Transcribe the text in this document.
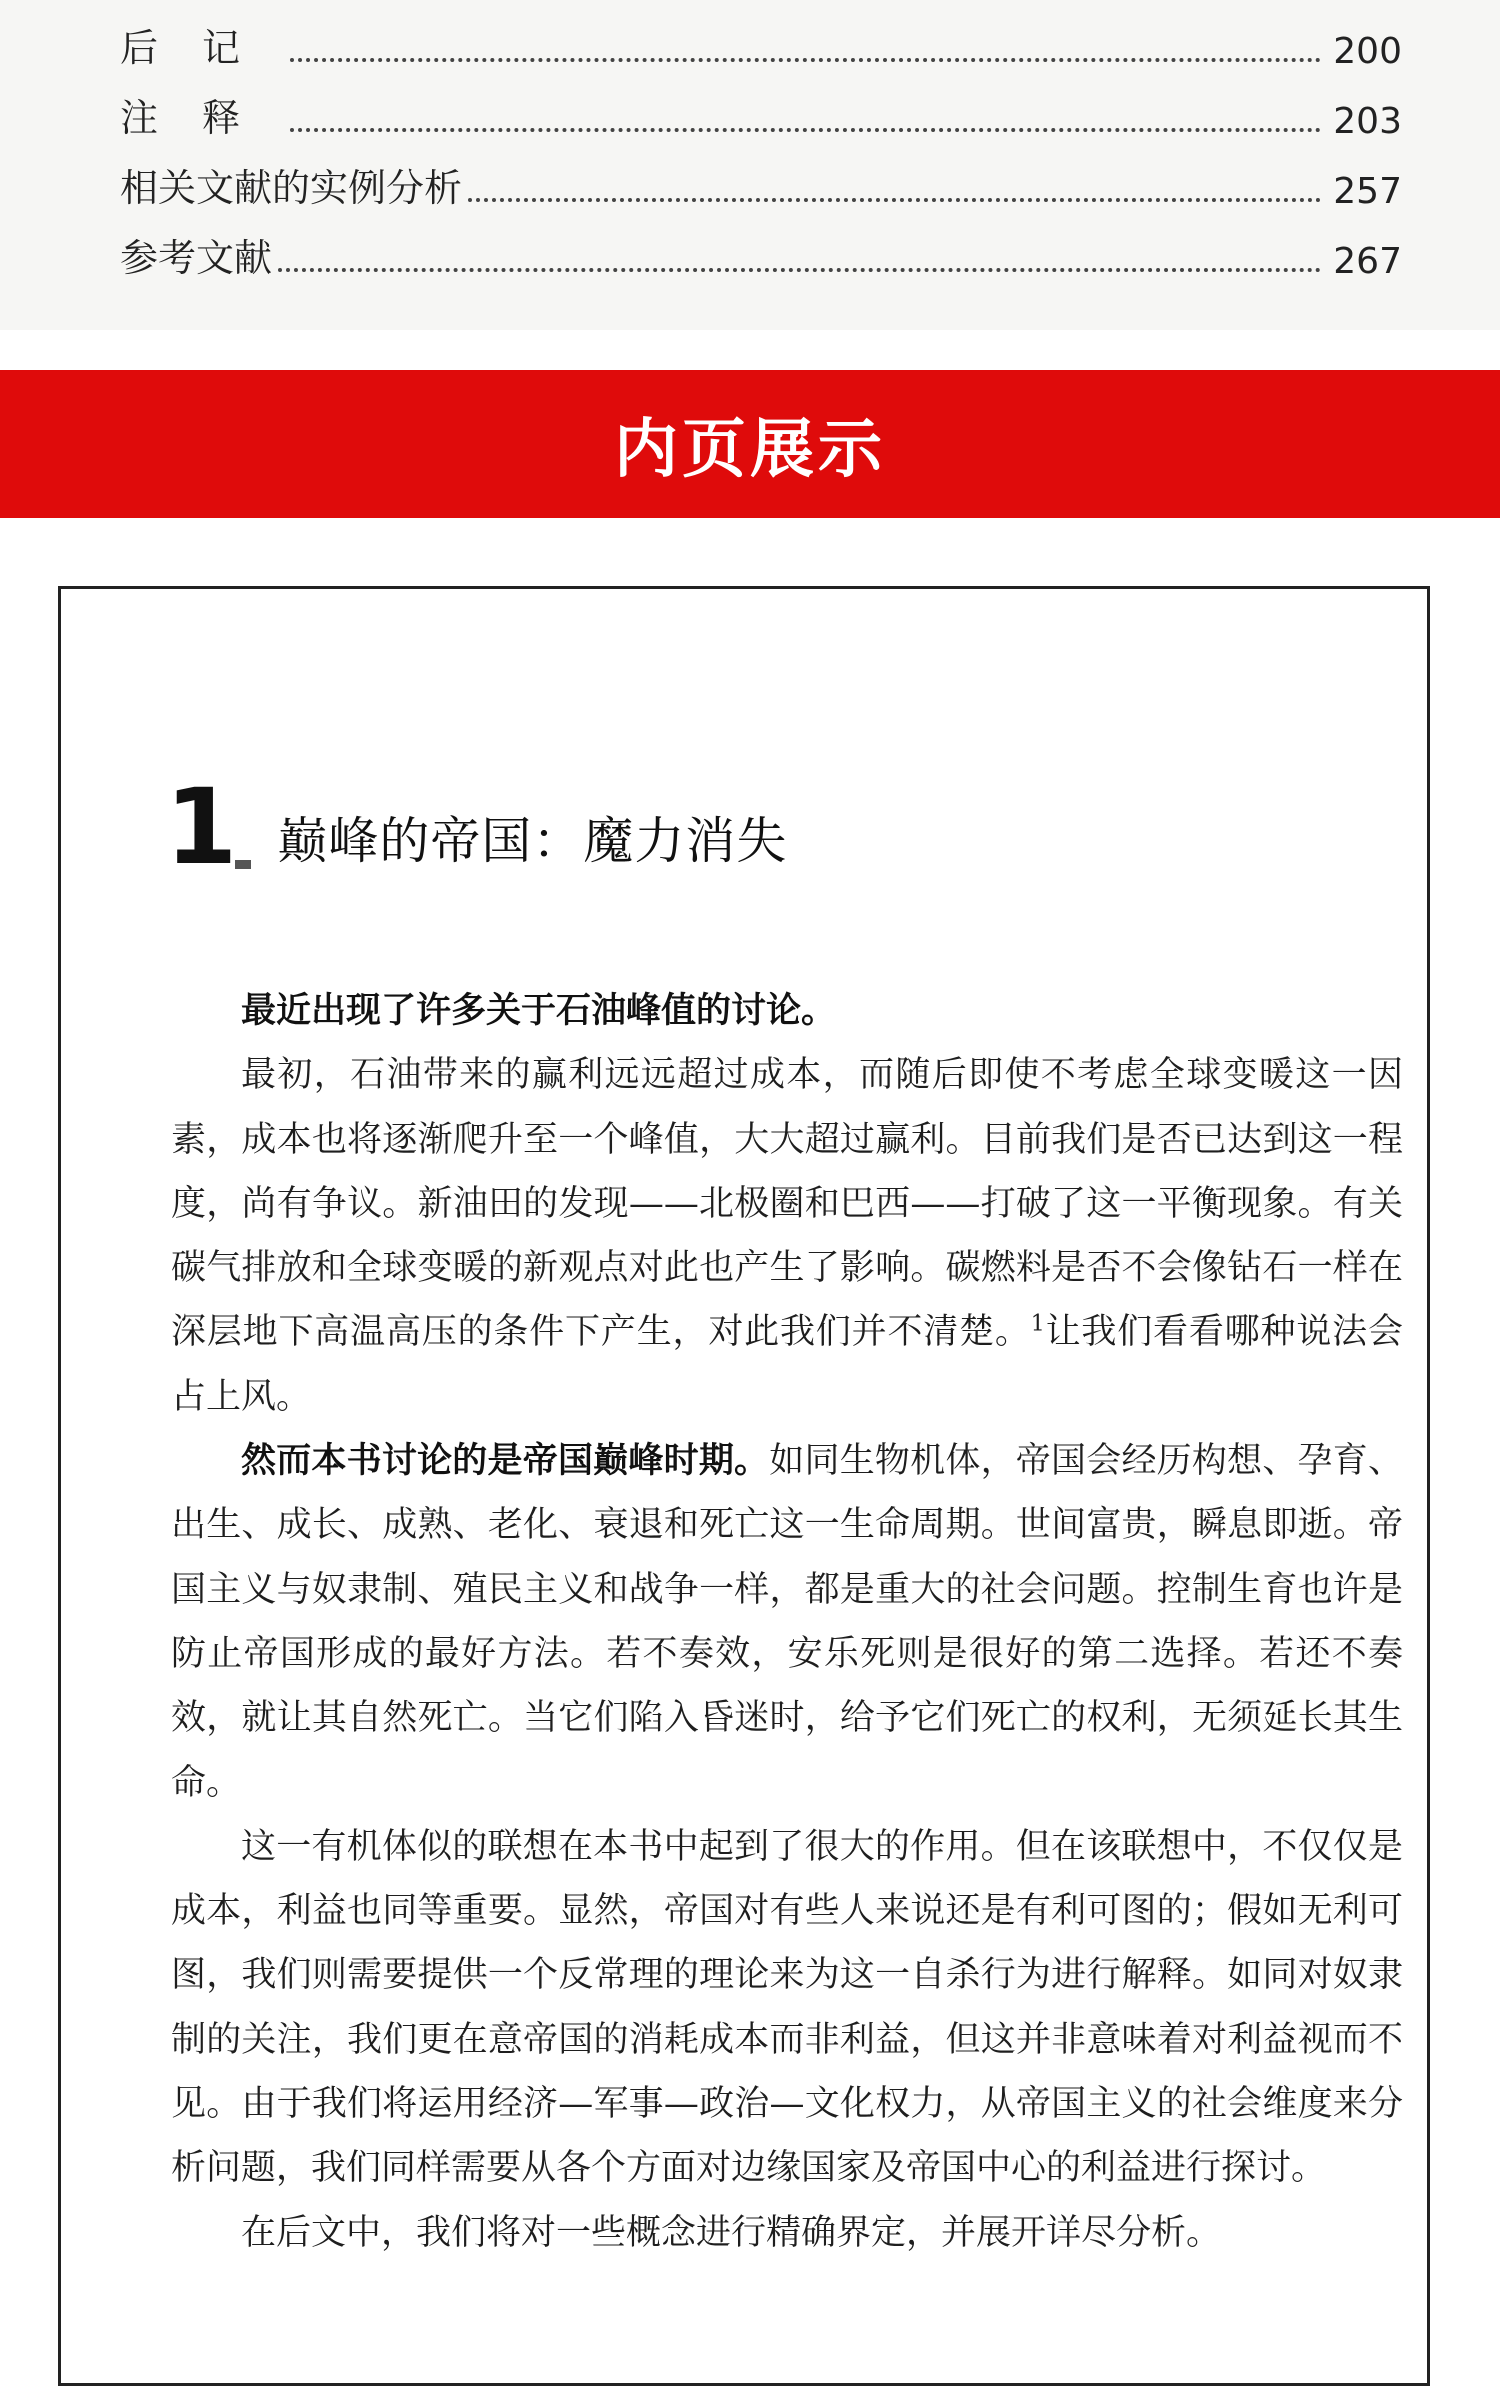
后记	200
注释	203
相关文献的实例分析	257
参考文献	267
内页展示
1 巅峰的帝国：魔力消失

最近出现了许多关于石油峰值的讨论。

最初，石油带来的赢利远远超过成本，而随后即使不考虑全球变暖这一因素，成本也将逐渐爬升至一个峰值，大大超过赢利。目前我们是否已达到这一程度，尚有争议。新油田的发现——北极圈和巴西——打破了这一平衡现象。有关碳气排放和全球变暖的新观点对此也产生了影响。碳燃料是否不会像钻石一样在深层地下高温高压的条件下产生，对此我们并不清楚。$^1$让我们看看哪种说法会占上风。

然而本书讨论的是帝国巅峰时期。如同生物机体，帝国会经历构想、孕育、出生、成长、成熟、老化、衰退和死亡这一生命周期。世间富贵，瞬息即逝。帝国主义与奴隶制、殖民主义和战争一样，都是重大的社会问题。控制生育也许是防止帝国形成的最好方法。若不奏效，安乐死则是很好的第二选择。若还不奏效，就让其自然死亡。当它们陷入昏迷时，给予它们死亡的权利，无须延长其生命。

这一有机体似的联想在本书中起到了很大的作用。但在该联想中，不仅仅是成本，利益也同等重要。显然，帝国对有些人来说还是有利可图的；假如无利可图，我们则需要提供一个反常理的理论来为这一自杀行为进行解释。如同对奴隶制的关注，我们更在意帝国的消耗成本而非利益，但这并非意味着对利益视而不见。由于我们将运用经济—军事—政治—文化权力，从帝国主义的社会维度来分析问题，我们同样需要从各个方面对边缘国家及帝国中心的利益进行探讨。

在后文中，我们将对一些概念进行精确界定，并展开详尽分析。
